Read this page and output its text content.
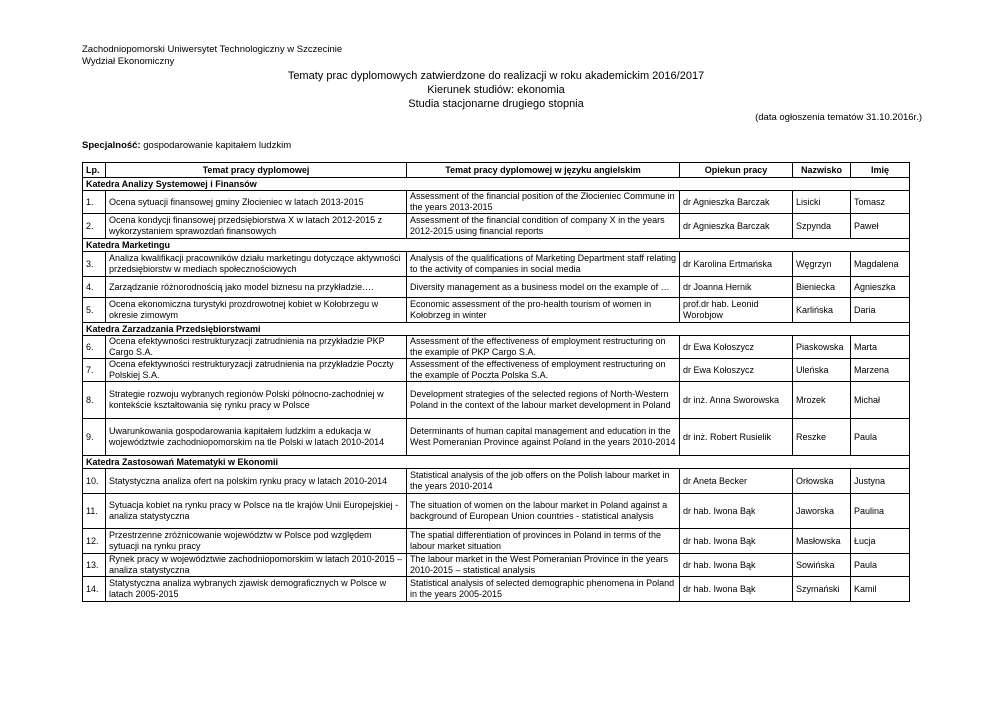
Zachodniopomorski Uniwersytet Technologiczny w Szczecinie
Wydział Ekonomiczny
Tematy prac dyplomowych zatwierdzone do realizacji w roku akademickim 2016/2017
Kierunek studiów: ekonomia
Studia stacjonarne drugiego stopnia
(data ogłoszenia tematów 31.10.2016r.)
Specjalność: gospodarowanie kapitałem ludzkim
Lp.	Temat pracy dyplomowej	Temat pracy dyplomowej w języku angielskim	Opiekun pracy	Nazwisko	Imię
Katedra Analizy Systemowej i Finansów					
1.	Ocena sytuacji finansowej gminy Złocieniec w latach 2013-2015	Assessment of the financial position of the Złocieniec Commune in the years 2013-2015	dr Agnieszka Barczak	Lisicki	Tomasz
2.	Ocena kondycji finansowej przedsiębiorstwa X w latach 2012-2015 z wykorzystaniem sprawozdań finansowych	Assessment of the financial condition of company X in the years 2012-2015 using financial reports	dr Agnieszka Barczak	Szpynda	Paweł
Katedra Marketingu					
3.	Analiza kwalifikacji pracowników działu marketingu dotyczące aktywności przedsiębiorstw w mediach społecznościowych	Analysis of the qualifications of Marketing Department staff relating to the activity of companies in social media	dr Karolina Ertmańska	Węgrzyn	Magdalena
4.	Zarządzanie różnorodnością jako model biznesu na przykładzie….	Diversity management as a business model on the example of …	dr Joanna Hernik	Bieniecka	Agnieszka
5.	Ocena ekonomiczna turystyki prozdrowotnej kobiet w Kołobrzegu w okresie zimowym	Economic assessment of the pro-health tourism of women in Kołobrzeg in winter	prof.dr hab. Leonid Worobjow	Karlińska	Daria
Katedra Zarzadzania Przedsiębiorstwami					
6.	Ocena efektywności restrukturyzacji zatrudnienia na przykładzie PKP Cargo S.A.	Assessment of the effectiveness of employment restructuring on the example of PKP Cargo S.A.	dr Ewa Kołoszycz	Piaskowska	Marta
7.	Ocena efektywności restrukturyzacji zatrudnienia na przykładzie Poczty Polskiej S.A.	Assessment of the effectiveness of employment restructuring on the example of Poczta Polska S.A.	dr Ewa Kołoszycz	Uleńska	Marzena
8.	Strategie rozwoju wybranych regionów Polski północno-zachodniej w kontekście kształtowania się rynku pracy w Polsce	Development strategies of the selected regions of North-Western Poland in the context of the labour market development in Poland	dr inż. Anna Sworowska	Mrozek	Michał
9.	Uwarunkowania gospodarowania kapitałem ludzkim a edukacja w województwie zachodniopomorskim na tle Polski w latach 2010-2014	Determinants of human capital management and education in the West Pomeranian Province against Poland in the years 2010-2014	dr inż. Robert Rusielik	Reszke	Paula
Katedra Zastosowań Matematyki w Ekonomii					
10.	Statystyczna analiza ofert na polskim rynku pracy w latach 2010-2014	Statistical analysis of the job offers on the Polish labour market in the years 2010-2014	dr Aneta Becker	Orłowska	Justyna
11.	Sytuacja kobiet na rynku pracy w Polsce na tle krajów Unii Europejskiej - analiza statystyczna	The situation of women on the labour market in Poland against a background of European Union countries - statistical analysis	dr hab. Iwona Bąk	Jaworska	Paulina
12.	Przestrzenne zróżnicowanie województw w Polsce pod względem sytuacji na rynku pracy	The spatial differentiation of provinces in Poland in terms of the labour market situation	dr hab. Iwona Bąk	Masłowska	Łucja
13.	Rynek pracy w województwie zachodniopomorskim w latach 2010-2015 – analiza statystyczna	The labour market in the West Pomeranian Province in the years 2010-2015 – statistical analysis	dr hab. Iwona Bąk	Sowińska	Paula
14.	Statystyczna analiza wybranych zjawisk demograficznych w Polsce w latach 2005-2015	Statistical analysis of selected demographic phenomena in Poland in the years 2005-2015	dr hab. Iwona Bąk	Szymański	Kamil
